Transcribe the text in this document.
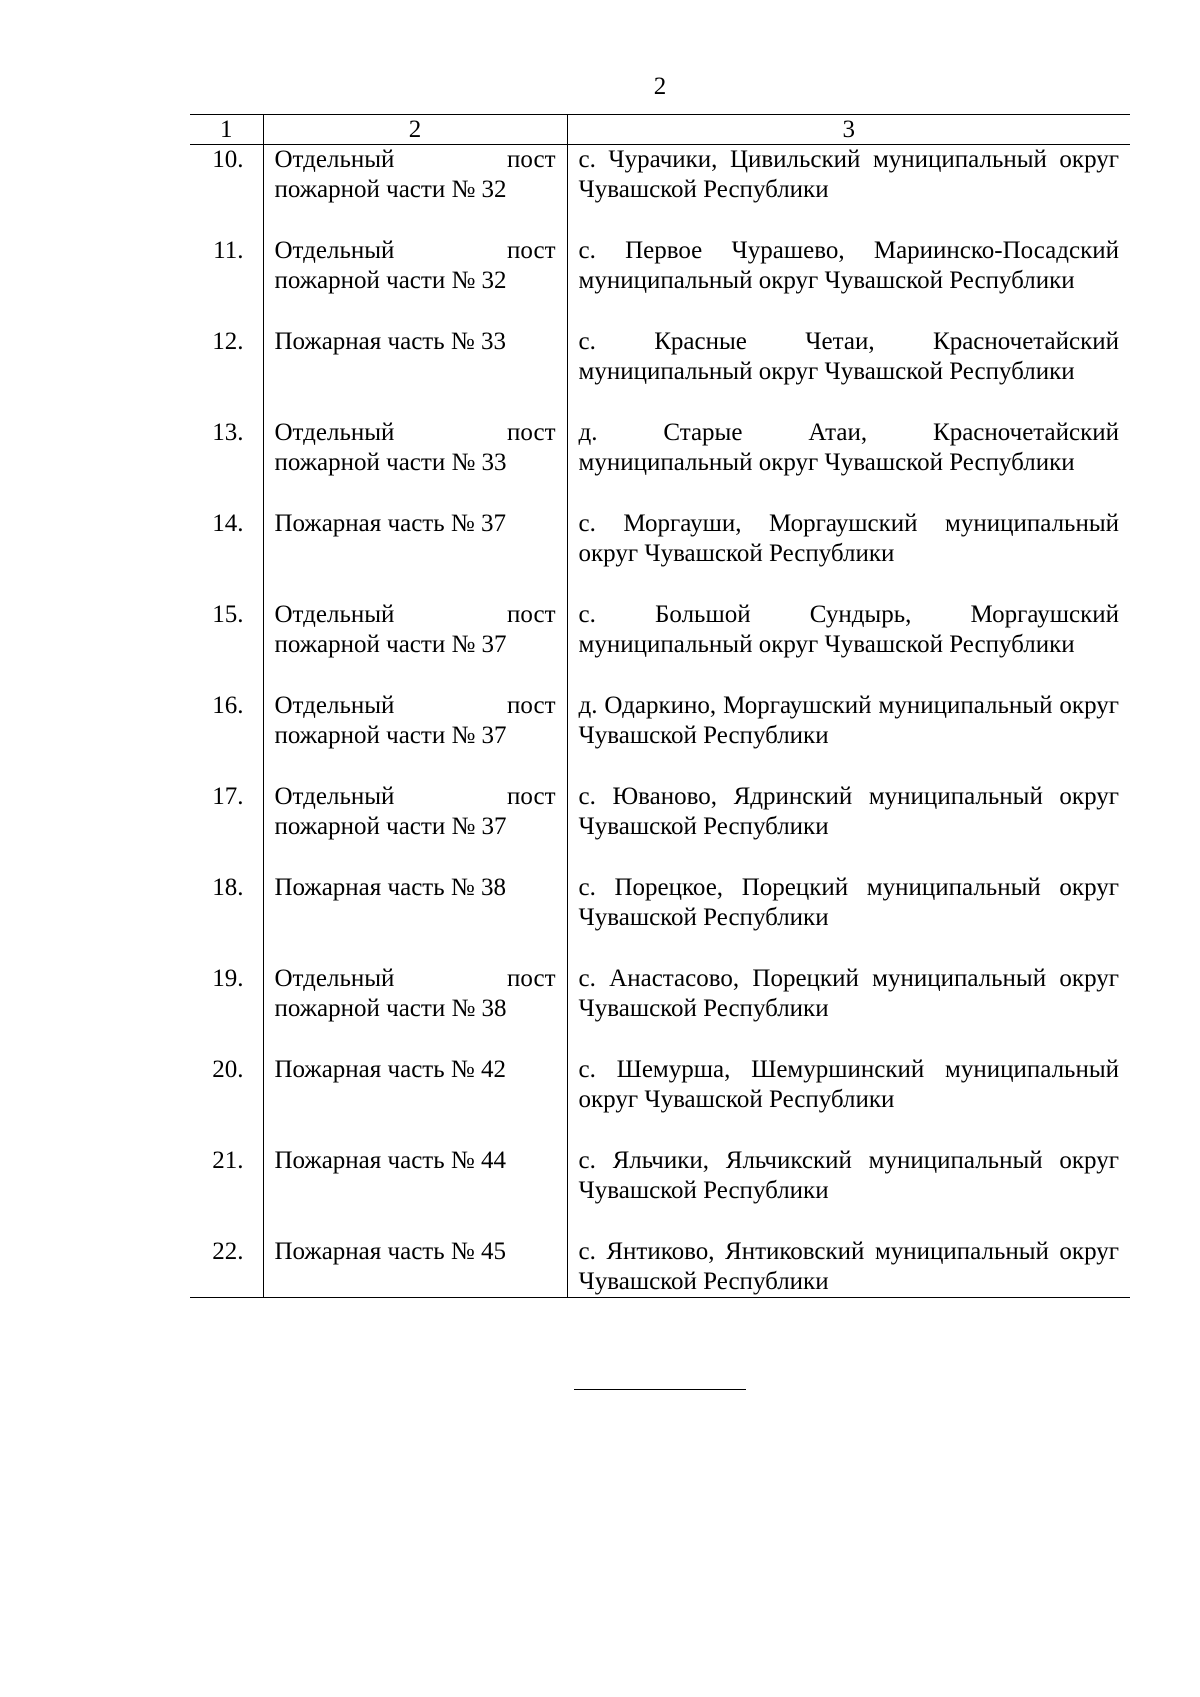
2
1	2	3
10.	Отдельный пост пожарной части № 32	с. Чурачики, Цивильский муниципальный округ Чувашской Республики
11.	Отдельный пост пожарной части № 32	с. Первое Чурашево, Мариинско-Посадский муниципальный округ Чувашской Республики
12.	Пожарная часть № 33	с. Красные Четаи, Красночетайский муниципальный округ Чувашской Республики
13.	Отдельный пост пожарной части № 33	д. Старые Атаи, Красночетайский муниципальный округ Чувашской Республики
14.	Пожарная часть № 37	с. Моргауши, Моргаушский муниципальный округ Чувашской Республики
15.	Отдельный пост пожарной части № 37	с. Большой Сундырь, Моргаушский муниципальный округ Чувашской Республики
16.	Отдельный пост пожарной части № 37	д. Одаркино, Моргаушский муниципальный округ Чувашской Республики
17.	Отдельный пост пожарной части № 37	с. Юваново, Ядринский муниципальный округ Чувашской Республики
18.	Пожарная часть № 38	с. Порецкое, Порецкий муниципальный округ Чувашской Республики
19.	Отдельный пост пожарной части № 38	с. Анастасово, Порецкий муниципальный округ Чувашской Республики
20.	Пожарная часть № 42	с. Шемурша, Шемуршинский муниципальный округ Чувашской Республики
21.	Пожарная часть № 44	с. Яльчики, Яльчикский муниципальный округ Чувашской Республики
22.	Пожарная часть № 45	с. Янтиково, Янтиковский муниципальный округ Чувашской Республики
